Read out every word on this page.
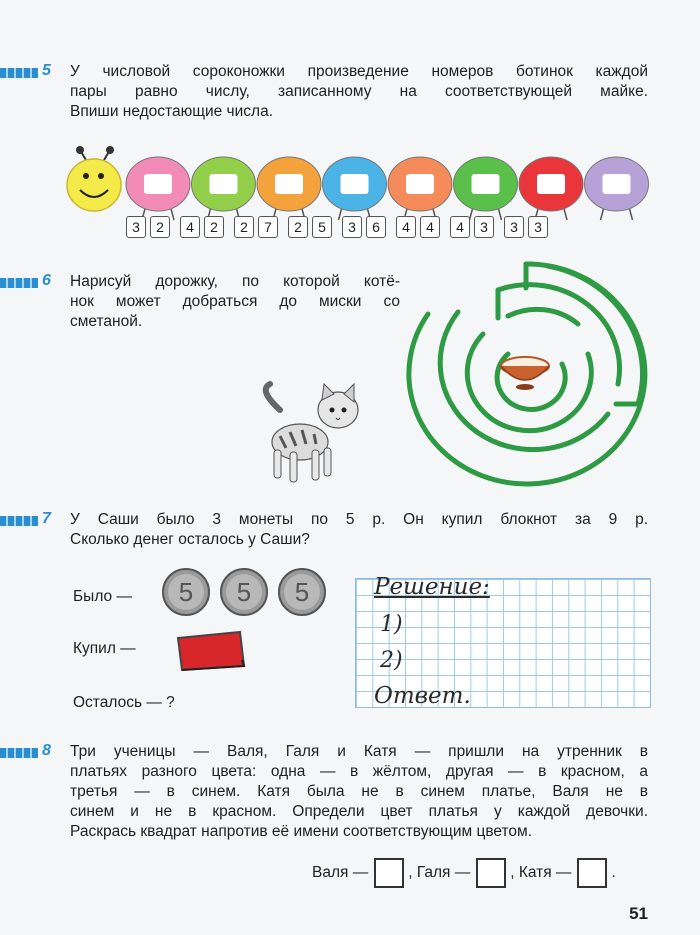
5	У числовой сороконожки произведение номеров ботинок каждой
пары равно числу, записанному на соответствующей майке.
Впиши недостающие числа.
3	2	4	2	2	7	2	5	3	6	4	4	4	3	3	3
6	Нарисуй дорожку, по которой котё-
нок может добраться до миски со
сметаной.
7	У Саши было 3 монеты по 5 р. Он купил блокнот за 9 р.
Сколько денег осталось у Саши?
Было — 5 5 5
Купил —
Осталось — ?
Решение:
1)
2)
Ответ.
8	Три ученицы — Валя, Галя и Катя — пришли на утренник в
платьях разного цвета: одна — в жёлтом, другая — в красном, а
третья — в синем. Катя была не в синем платье, Валя не в
синем и не в красном. Определи цвет платья у каждой девочки.
Раскрась квадрат напротив её имени соответствующим цветом.
Валя —	, Галя —	, Катя —	.
51
